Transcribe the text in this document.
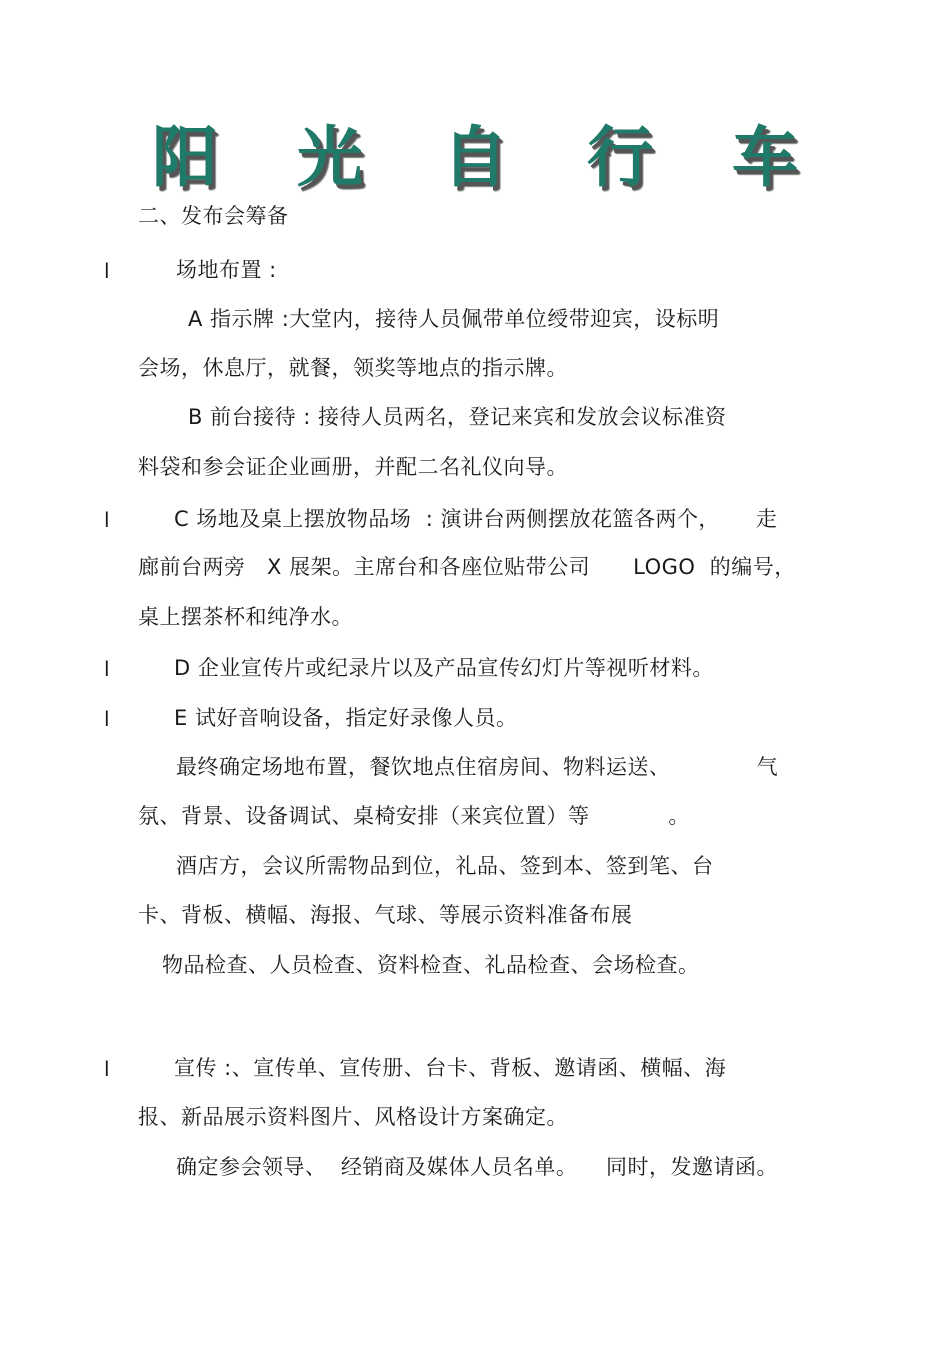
阳 光 自 行 车
二、发布会筹备
l	场地布置 :
A 指示牌 :大堂内，接待人员佩带单位绶带迎宾，设标明
会场，休息厅，就餐，领奖等地点的指示牌。
B 前台接待 : 接待人员两名，登记来宾和发放会议标准资
料袋和参会证企业画册，并配二名礼仪向导。
l	C 场地及桌上摆放物品场  : 演讲台两侧摆放花篮各两个，     走
廊前台两旁   X 展架。主席台和各座位贴带公司      LOGO  的编号，
桌上摆茶杯和纯净水。
l	D 企业宣传片或纪录片以及产品宣传幻灯片等视听材料。
l	E 试好音响设备，指定好录像人员。
最终确定场地布置，餐饮地点住宿房间、物料运送、            气
氛、背景、设备调试、桌椅安排（来宾位置）等           。
酒店方，会议所需物品到位，礼品、签到本、签到笔、台
卡、背板、横幅、海报、气球、等展示资料准备布展
物品检查、人员检查、资料检查、礼品检查、会场检查。
l	宣传 :、宣传单、宣传册、台卡、背板、邀请函、横幅、海
报、新品展示资料图片、风格设计方案确定。
确定参会领导、  经销商及媒体人员名单。    同时，发邀请函。
